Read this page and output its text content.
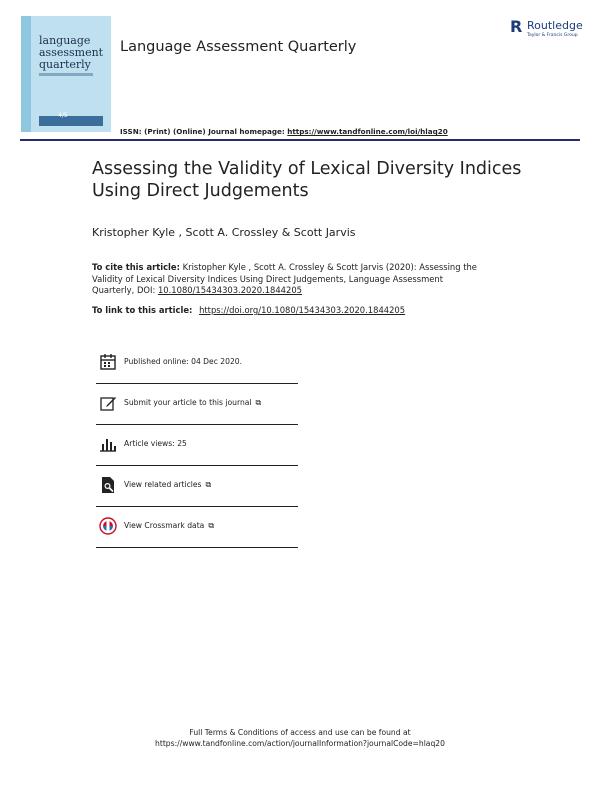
language
assessment
quarterly
4/5
Language Assessment Quarterly
R Routledge
Taylor & Francis Group
ISSN: (Print) (Online) Journal homepage: https://www.tandfonline.com/loi/hlaq20
Assessing the Validity of Lexical Diversity Indices Using Direct Judgements
Kristopher Kyle , Scott A. Crossley & Scott Jarvis
To cite this article: Kristopher Kyle , Scott A. Crossley & Scott Jarvis (2020): Assessing the Validity of Lexical Diversity Indices Using Direct Judgements, Language Assessment Quarterly, DOI: 10.1080/15434303.2020.1844205
To link to this article: https://doi.org/10.1080/15434303.2020.1844205
Published online: 04 Dec 2020.
Submit your article to this journal ⧉
Article views: 25
View related articles ⧉
View Crossmark data ⧉
Full Terms & Conditions of access and use can be found at
https://www.tandfonline.com/action/journalInformation?journalCode=hlaq20
